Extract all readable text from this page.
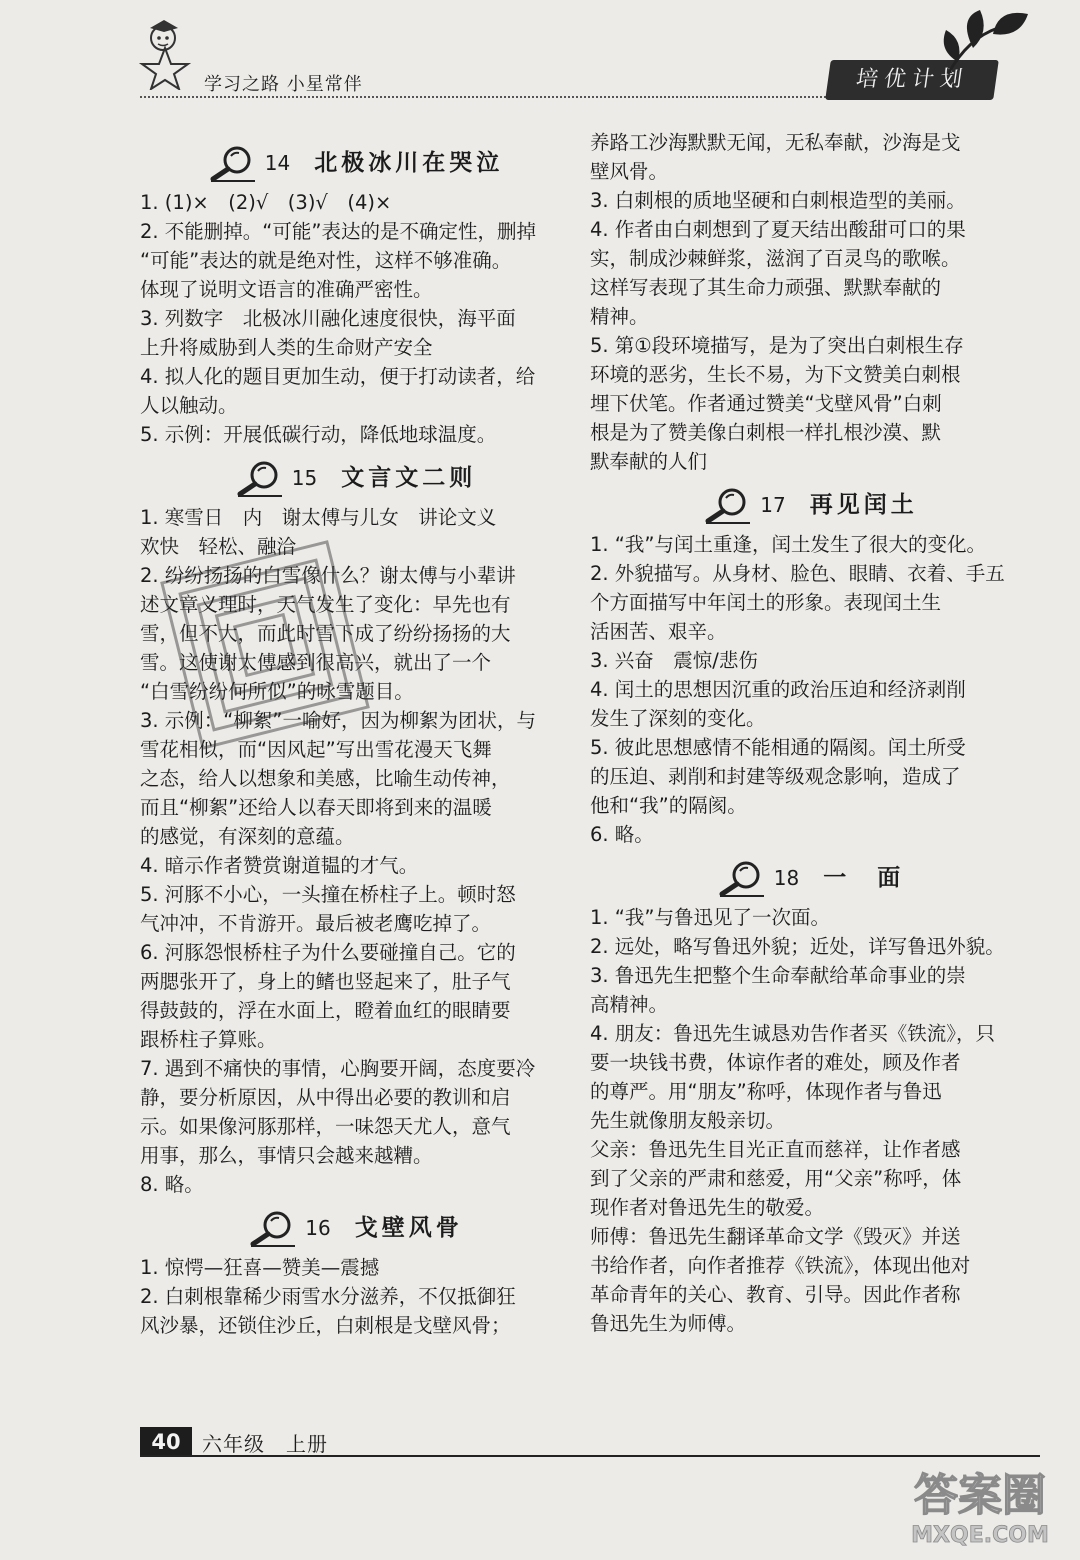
学习之路 小星常伴	培优计划
14 北极冰川在哭泣

1. (1)×　(2)√　(3)√　(4)×

2. 不能删掉。“可能”表达的是不确定性，删掉

“可能”表达的就是绝对性，这样不够准确。

体现了说明文语言的准确严密性。

3. 列数字　北极冰川融化速度很快，海平面

上升将威胁到人类的生命财产安全

4. 拟人化的题目更加生动，便于打动读者，给

人以触动。

5. 示例：开展低碳行动，降低地球温度。

15 文言文二则

1. 寒雪日　内　谢太傅与儿女　讲论文义

欢快　轻松、融洽

2. 纷纷扬扬的白雪像什么？谢太傅与小辈讲

述文章义理时，天气发生了变化：早先也有

雪，但不大，而此时雪下成了纷纷扬扬的大

雪。这使谢太傅感到很高兴，就出了一个

“白雪纷纷何所似”的咏雪题目。

3. 示例：“柳絮”一喻好，因为柳絮为团状，与

雪花相似，而“因风起”写出雪花漫天飞舞

之态，给人以想象和美感，比喻生动传神，

而且“柳絮”还给人以春天即将到来的温暖

的感觉，有深刻的意蕴。

4. 暗示作者赞赏谢道韫的才气。

5. 河豚不小心，一头撞在桥柱子上。顿时怒

气冲冲，不肯游开。最后被老鹰吃掉了。

6. 河豚怨恨桥柱子为什么要碰撞自己。它的

两腮张开了，身上的鳍也竖起来了，肚子气

得鼓鼓的，浮在水面上，瞪着血红的眼睛要

跟桥柱子算账。

7. 遇到不痛快的事情，心胸要开阔，态度要冷

静，要分析原因，从中得出必要的教训和启

示。如果像河豚那样，一味怨天尤人，意气

用事，那么，事情只会越来越糟。

8. 略。

16 戈壁风骨

1. 惊愕—狂喜—赞美—震撼

2. 白刺根靠稀少雨雪水分滋养，不仅抵御狂

风沙暴，还锁住沙丘，白刺根是戈壁风骨；

养路工沙海默默无闻，无私奉献，沙海是戈

壁风骨。

3. 白刺根的质地坚硬和白刺根造型的美丽。

4. 作者由白刺想到了夏天结出酸甜可口的果

实，制成沙棘鲜浆，滋润了百灵鸟的歌喉。

这样写表现了其生命力顽强、默默奉献的

精神。

5. 第①段环境描写，是为了突出白刺根生存

环境的恶劣，生长不易，为下文赞美白刺根

埋下伏笔。作者通过赞美“戈壁风骨”白刺

根是为了赞美像白刺根一样扎根沙漠、默

默奉献的人们

17 再见闰土

1. “我”与闰土重逢，闰土发生了很大的变化。

2. 外貌描写。从身材、脸色、眼睛、衣着、手五

个方面描写中年闰土的形象。表现闰土生

活困苦、艰辛。

3. 兴奋　震惊/悲伤

4. 闰土的思想因沉重的政治压迫和经济剥削

发生了深刻的变化。

5. 彼此思想感情不能相通的隔阂。闰土所受

的压迫、剥削和封建等级观念影响，造成了

他和“我”的隔阂。

6. 略。

18 一　面

1. “我”与鲁迅见了一次面。

2. 远处，略写鲁迅外貌；近处，详写鲁迅外貌。

3. 鲁迅先生把整个生命奉献给革命事业的崇

高精神。

4. 朋友：鲁迅先生诚恳劝告作者买《铁流》，只

要一块钱书费，体谅作者的难处，顾及作者

的尊严。用“朋友”称呼，体现作者与鲁迅

先生就像朋友般亲切。

父亲：鲁迅先生目光正直而慈祥，让作者感

到了父亲的严肃和慈爱，用“父亲”称呼，体

现作者对鲁迅先生的敬爱。

师傅：鲁迅先生翻译革命文学《毁灭》并送

书给作者，向作者推荐《铁流》，体现出他对

革命青年的关心、教育、引导。因此作者称

鲁迅先生为师傅。

40	六年级　上册
答案圈
MXQE.COM
